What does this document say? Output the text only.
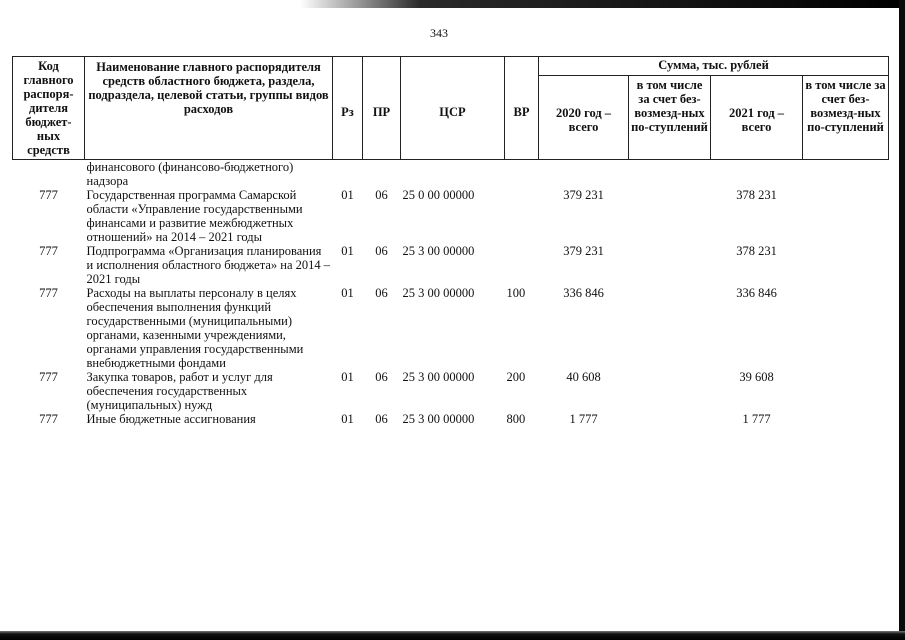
343
Код главного распоря-дителя бюджет-ных средств	Наименование главного распорядителя средств областного бюджета, раздела, подраздела, целевой статьи, группы видов расходов	Рз	ПР	ЦСР	ВР	Сумма, тыс. рублей			
						2020 год – всего	в том числе за счет без-возмезд-ных по-ступлений	2021 год – всего	в том числе за счет без-возмезд-ных по-ступлений
	финансового (финансово-бюджетного) надзора								
777	Государственная программа Самарской области «Управление государственными финансами и развитие межбюджетных отношений» на 2014 – 2021 годы	01	06	25 0 00 00000		379 231		378 231	
777	Подпрограмма «Организация планирования и исполнения областного бюджета» на 2014 – 2021 годы	01	06	25 3 00 00000		379 231		378 231	
777	Расходы на выплаты персоналу в целях обеспечения выполнения функций государственными (муниципальными) органами, казенными учреждениями, органами управления государственными внебюджетными фондами	01	06	25 3 00 00000	100	336 846		336 846	
777	Закупка товаров, работ и услуг для обеспечения государственных (муниципальных) нужд	01	06	25 3 00 00000	200	40 608		39 608	
777	Иные бюджетные ассигнования	01	06	25 3 00 00000	800	1 777		1 777	
